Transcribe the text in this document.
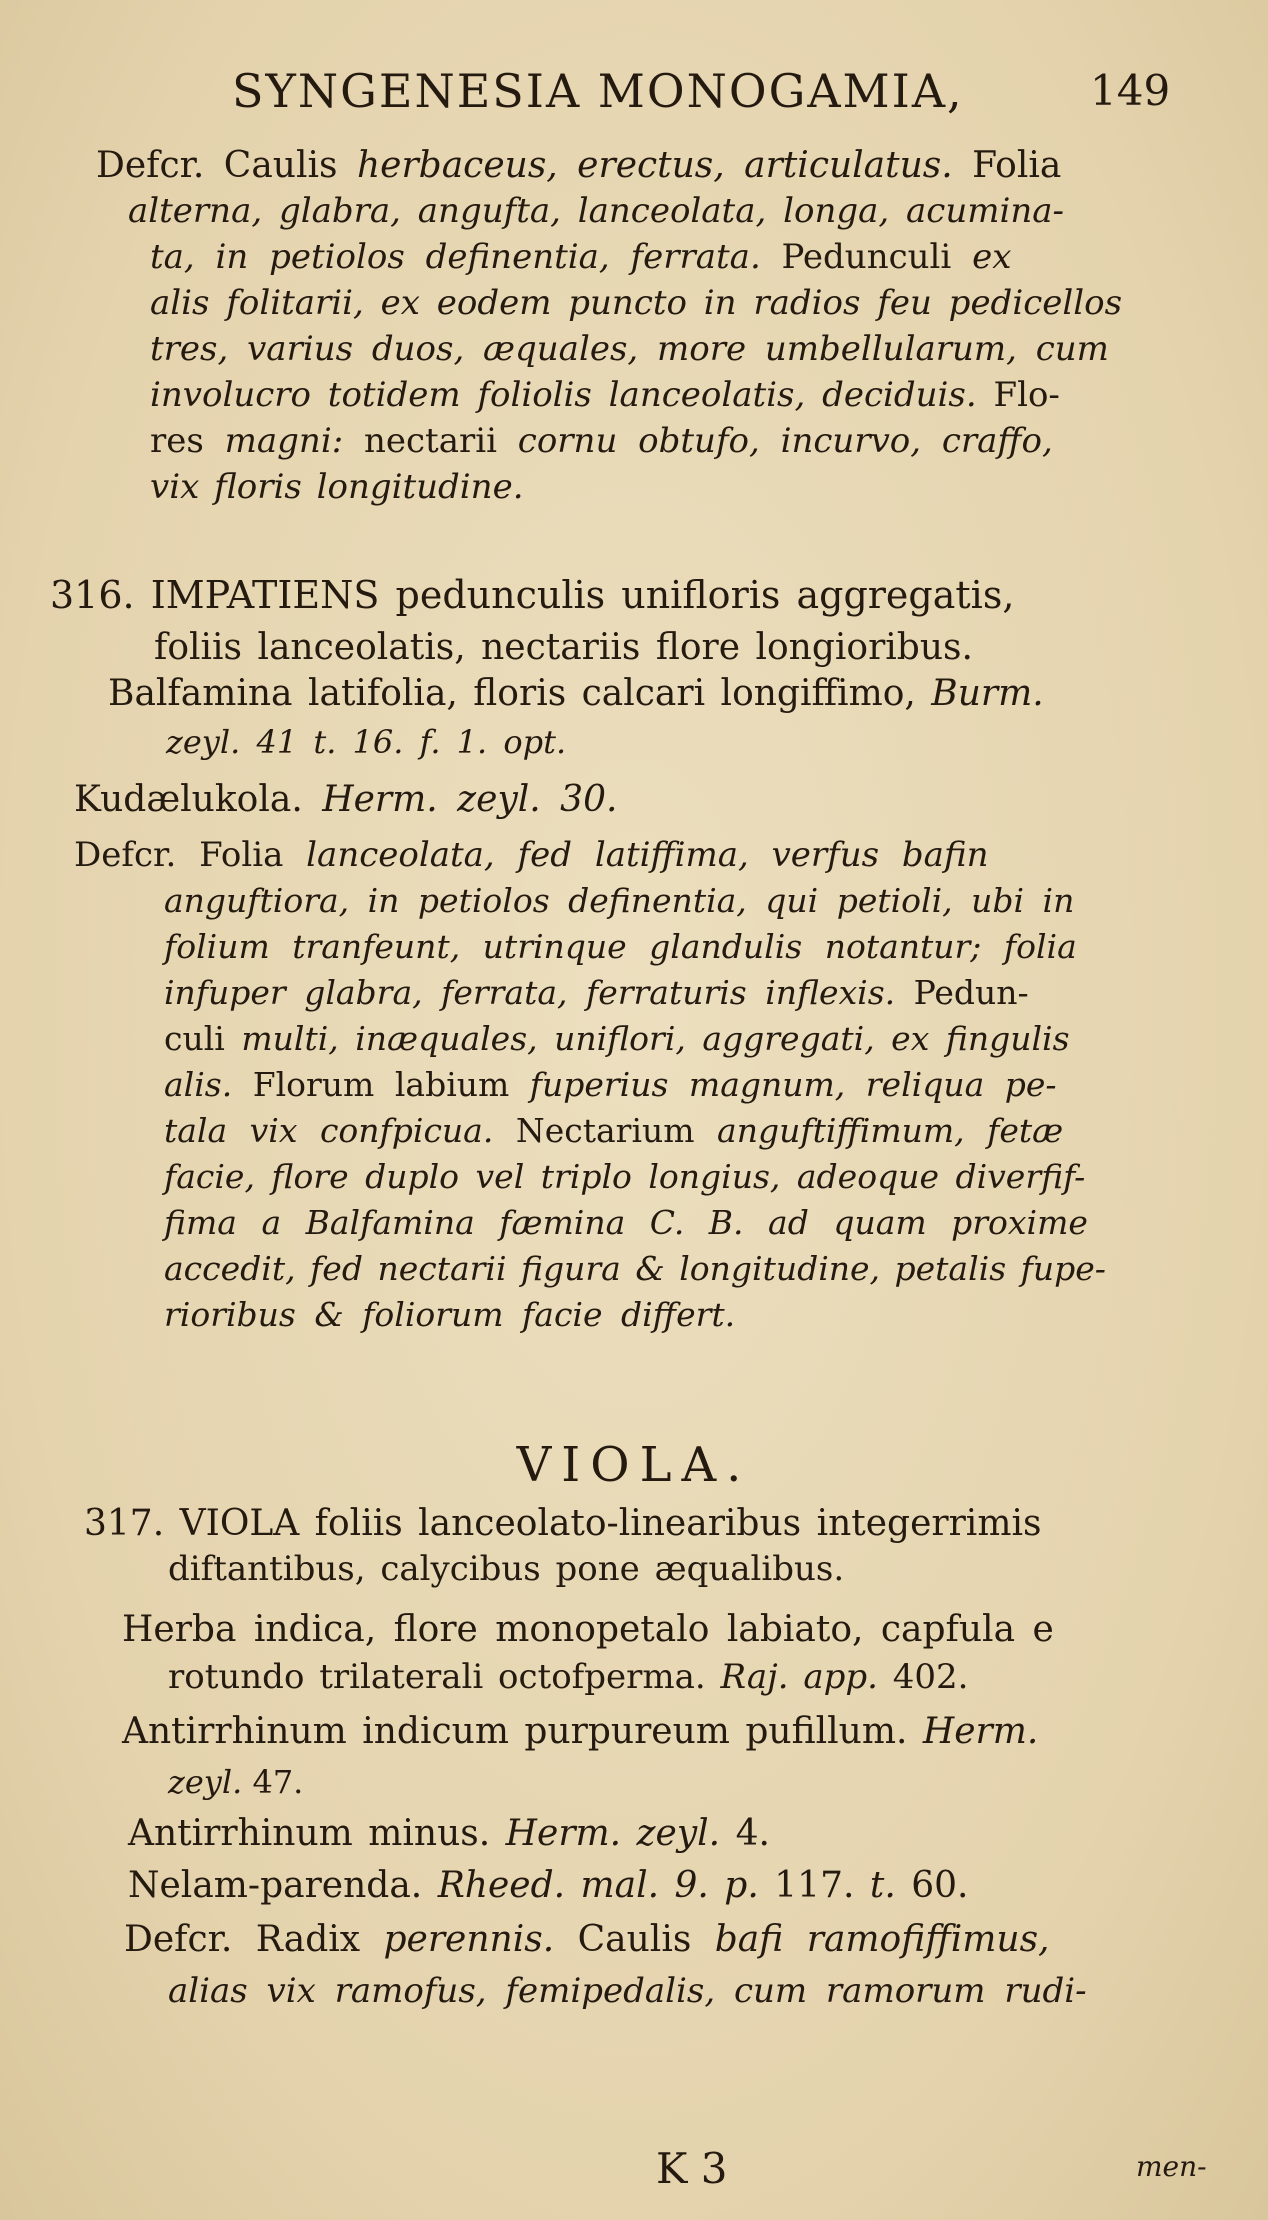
SYNGENESIA MONOGAMIA,	149
Defcr. Caulis herbaceus, erectus, articulatus. Folia
alterna, glabra, angufta, lanceolata, longa, acumina-
ta, in petiolos definentia, ferrata. Pedunculi ex
alis folitarii, ex eodem puncto in radios feu pedicellos
tres, varius duos, æquales, more umbellularum, cum
involucro totidem foliolis lanceolatis, deciduis. Flo-
res magni: nectarii cornu obtufo, incurvo, craffo,
vix floris longitudine.
316. IMPATIENS pedunculis unifloris aggregatis,
foliis lanceolatis, nectariis flore longioribus.
Balfamina latifolia, floris calcari longiffimo, Burm.
zeyl. 41 t. 16. f. 1. opt.
Kudælukola. Herm. zeyl. 30.
Defcr. Folia lanceolata, fed latiffima, verfus bafin
anguftiora, in petiolos definentia, qui petioli, ubi in
folium tranfeunt, utrinque glandulis notantur; folia
infuper glabra, ferrata, ferraturis inflexis. Pedun-
culi multi, inæquales, uniflori, aggregati, ex fingulis
alis. Florum labium fuperius magnum, reliqua pe-
tala vix confpicua. Nectarium anguftiffimum, fetæ
facie, flore duplo vel triplo longius, adeoque diverfif-
fima a Balfamina fæmina C. B. ad quam proxime
accedit, fed nectarii figura & longitudine, petalis fupe-
rioribus & foliorum facie differt.
VIOLA.
317. VIOLA foliis lanceolato-linearibus integerrimis
diftantibus, calycibus pone æqualibus.
Herba indica, flore monopetalo labiato, capfula e
rotundo trilaterali octofperma. Raj. app. 402.
Antirrhinum indicum purpureum pufillum. Herm.
zeyl. 47.
Antirrhinum minus. Herm. zeyl. 4.
Nelam-parenda. Rheed. mal. 9. p. 117. t. 60.
Defcr. Radix perennis. Caulis bafi ramofiffimus,
alias vix ramofus, femipedalis, cum ramorum rudi-
K 3	men-
